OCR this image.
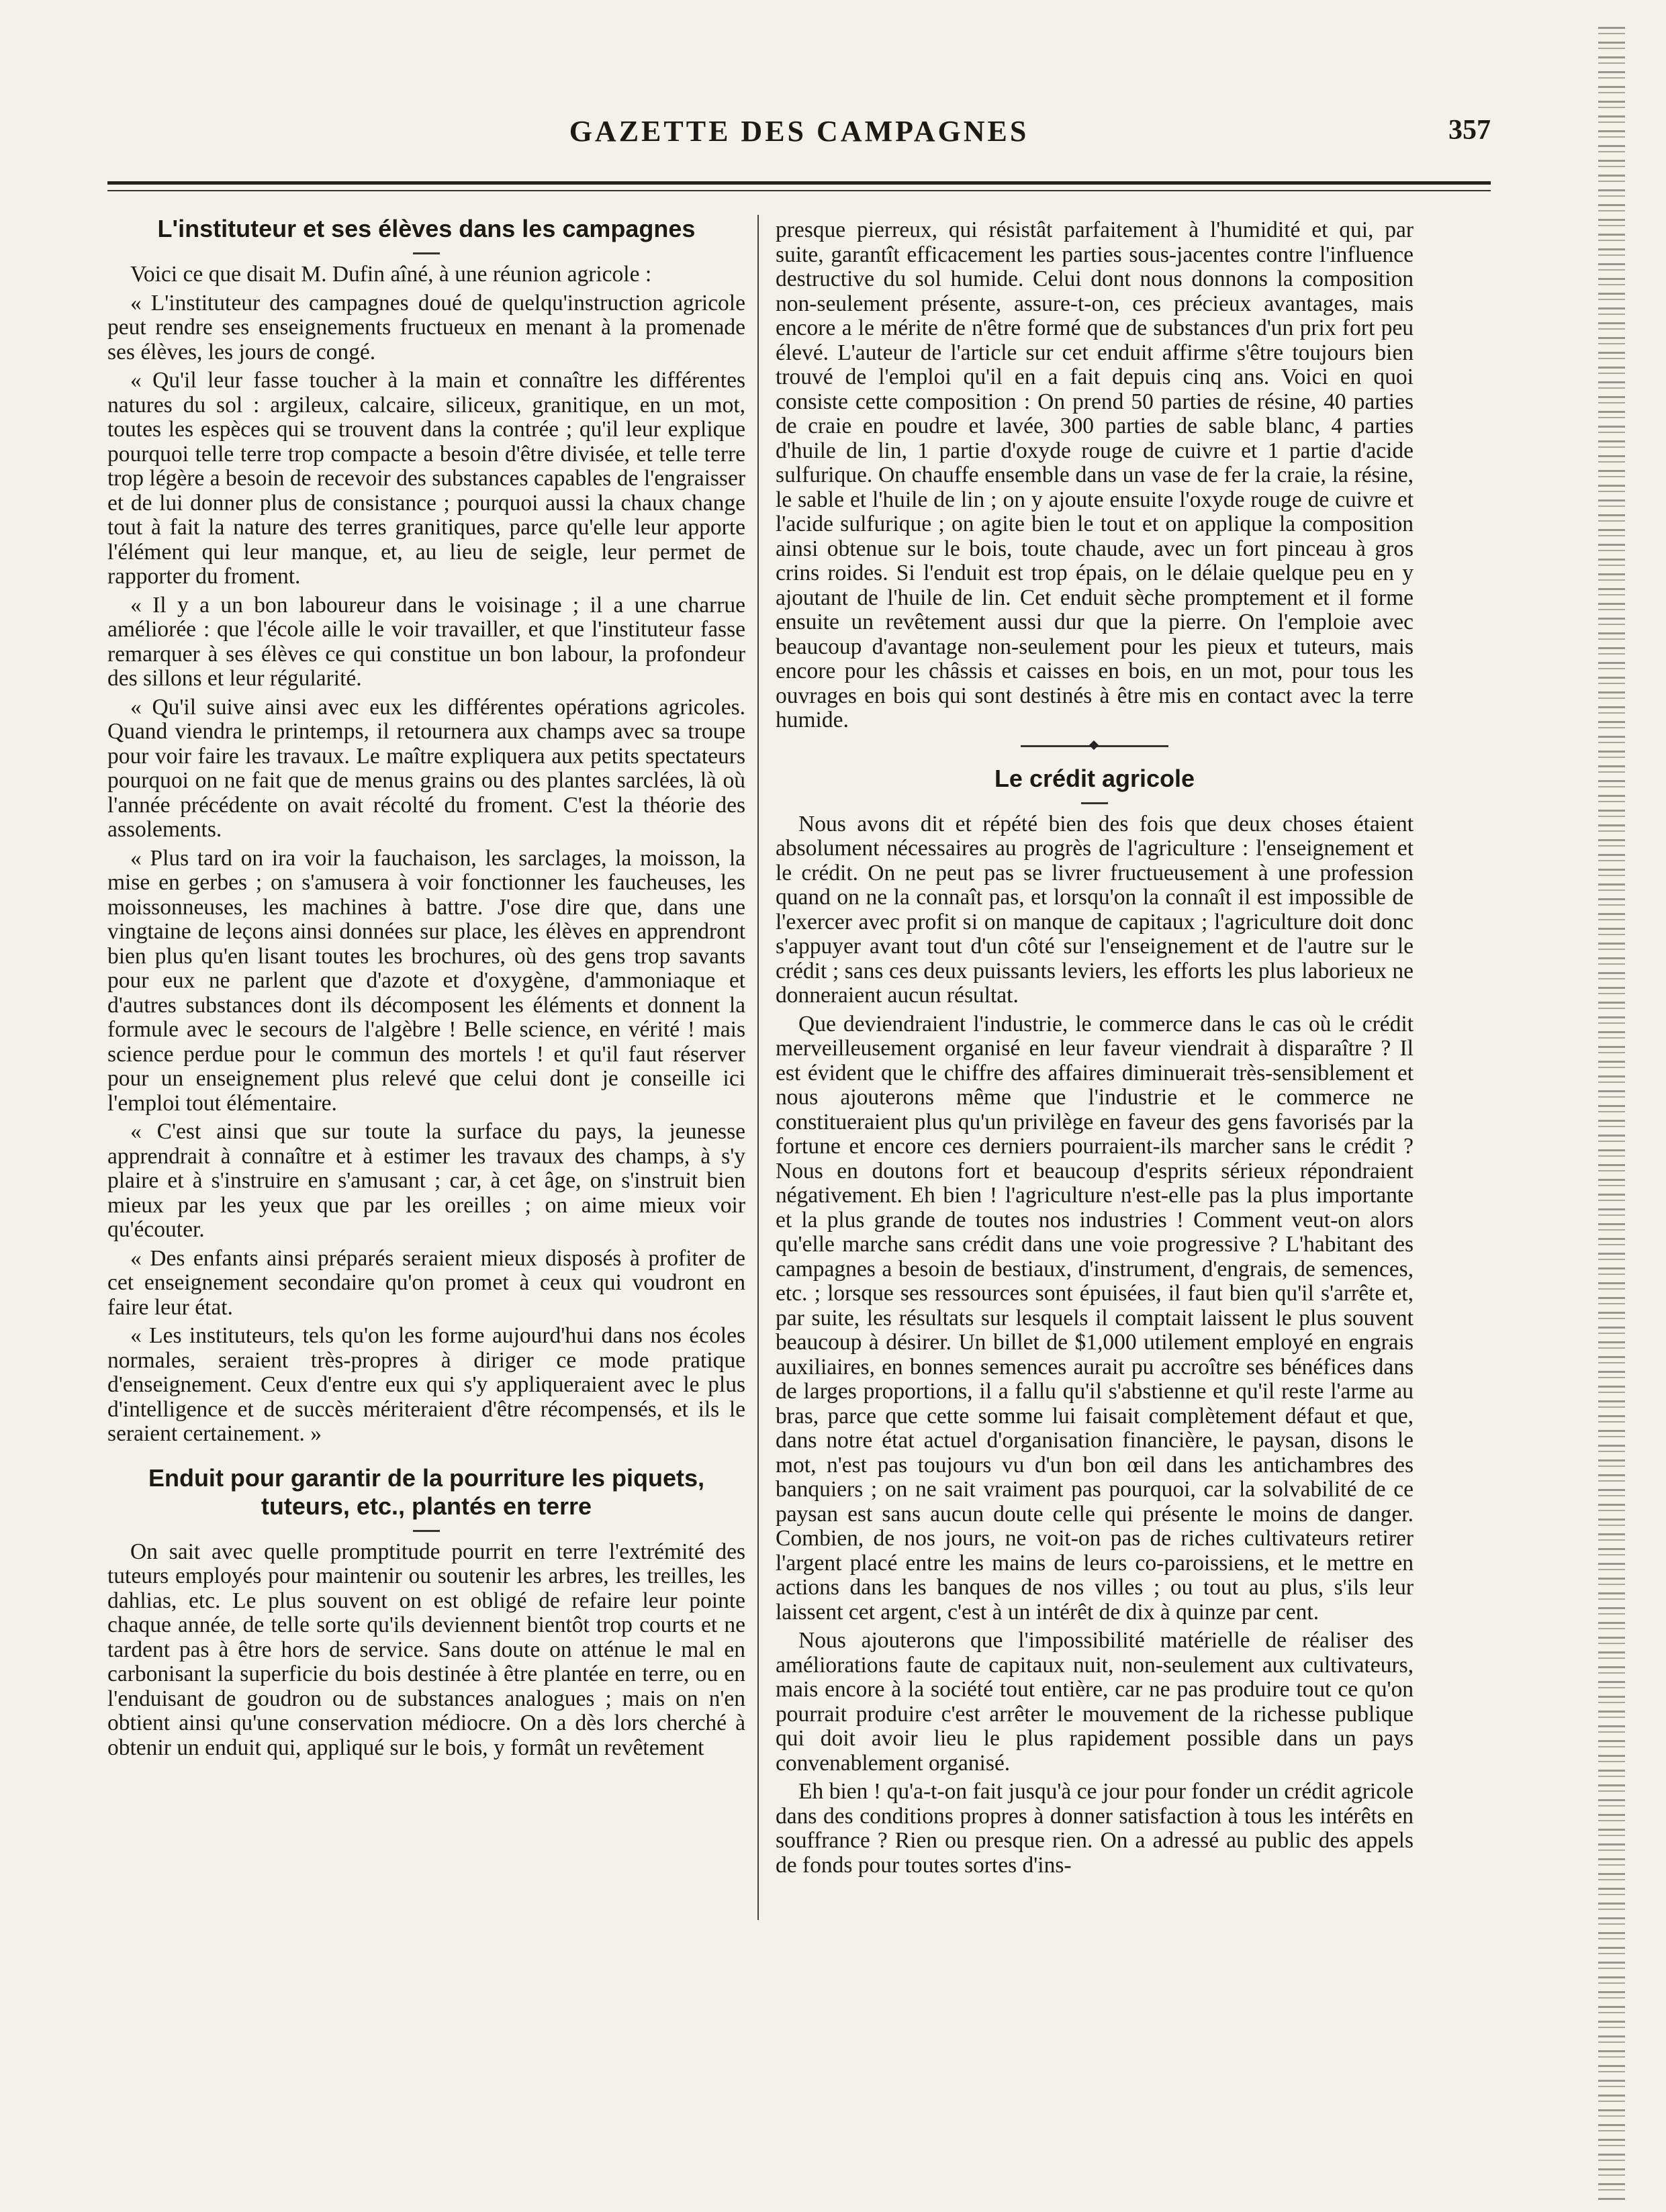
GAZETTE DES CAMPAGNES	357
L'instituteur et ses élèves dans les campagnes

Voici ce que disait M. Dufin aîné, à une réunion agricole :

« L'instituteur des campagnes doué de quelqu'instruction agricole peut rendre ses enseignements fructueux en menant à la promenade ses élèves, les jours de congé.

« Qu'il leur fasse toucher à la main et connaître les différentes natures du sol : argileux, calcaire, siliceux, granitique, en un mot, toutes les espèces qui se trouvent dans la contrée ; qu'il leur explique pourquoi telle terre trop compacte a besoin d'être divisée, et telle terre trop légère a besoin de recevoir des substances capables de l'engraisser et de lui donner plus de consistance ; pourquoi aussi la chaux change tout à fait la nature des terres granitiques, parce qu'elle leur apporte l'élément qui leur manque, et, au lieu de seigle, leur permet de rapporter du froment.

« Il y a un bon laboureur dans le voisinage ; il a une charrue améliorée : que l'école aille le voir travailler, et que l'instituteur fasse remarquer à ses élèves ce qui constitue un bon labour, la profondeur des sillons et leur régularité.

« Qu'il suive ainsi avec eux les différentes opérations agricoles. Quand viendra le printemps, il retournera aux champs avec sa troupe pour voir faire les travaux. Le maître expliquera aux petits spectateurs pourquoi on ne fait que de menus grains ou des plantes sarclées, là où l'année précédente on avait récolté du froment. C'est la théorie des assolements.

« Plus tard on ira voir la fauchaison, les sarclages, la moisson, la mise en gerbes ; on s'amusera à voir fonctionner les faucheuses, les moissonneuses, les machines à battre. J'ose dire que, dans une vingtaine de leçons ainsi données sur place, les élèves en apprendront bien plus qu'en lisant toutes les brochures, où des gens trop savants pour eux ne parlent que d'azote et d'oxygène, d'ammoniaque et d'autres substances dont ils décomposent les éléments et donnent la formule avec le secours de l'algèbre ! Belle science, en vérité ! mais science perdue pour le commun des mortels ! et qu'il faut réserver pour un enseignement plus relevé que celui dont je conseille ici l'emploi tout élémentaire.

« C'est ainsi que sur toute la surface du pays, la jeunesse apprendrait à connaître et à estimer les travaux des champs, à s'y plaire et à s'instruire en s'amusant ; car, à cet âge, on s'instruit bien mieux par les yeux que par les oreilles ; on aime mieux voir qu'écouter.

« Des enfants ainsi préparés seraient mieux disposés à profiter de cet enseignement secondaire qu'on promet à ceux qui voudront en faire leur état.

« Les instituteurs, tels qu'on les forme aujourd'hui dans nos écoles normales, seraient très-propres à diriger ce mode pratique d'enseignement. Ceux d'entre eux qui s'y appliqueraient avec le plus d'intelligence et de succès mériteraient d'être récompensés, et ils le seraient certainement. »

Enduit pour garantir de la pourriture les piquets, tuteurs, etc., plantés en terre

On sait avec quelle promptitude pourrit en terre l'extrémité des tuteurs employés pour maintenir ou soutenir les arbres, les treilles, les dahlias, etc. Le plus souvent on est obligé de refaire leur pointe chaque année, de telle sorte qu'ils deviennent bientôt trop courts et ne tardent pas à être hors de service. Sans doute on atténue le mal en carbonisant la superficie du bois destinée à être plantée en terre, ou en l'enduisant de goudron ou de substances analogues ; mais on n'en obtient ainsi qu'une conservation médiocre. On a dès lors cherché à obtenir un enduit qui, appliqué sur le bois, y formât un revêtement

presque pierreux, qui résistât parfaitement à l'humidité et qui, par suite, garantît efficacement les parties sous-jacentes contre l'influence destructive du sol humide. Celui dont nous donnons la composition non-seulement présente, assure-t-on, ces précieux avantages, mais encore a le mérite de n'être formé que de substances d'un prix fort peu élevé. L'auteur de l'article sur cet enduit affirme s'être toujours bien trouvé de l'emploi qu'il en a fait depuis cinq ans. Voici en quoi consiste cette composition : On prend 50 parties de résine, 40 parties de craie en poudre et lavée, 300 parties de sable blanc, 4 parties d'huile de lin, 1 partie d'oxyde rouge de cuivre et 1 partie d'acide sulfurique. On chauffe ensemble dans un vase de fer la craie, la résine, le sable et l'huile de lin ; on y ajoute ensuite l'oxyde rouge de cuivre et l'acide sulfurique ; on agite bien le tout et on applique la composition ainsi obtenue sur le bois, toute chaude, avec un fort pinceau à gros crins roides. Si l'enduit est trop épais, on le délaie quelque peu en y ajoutant de l'huile de lin. Cet enduit sèche promptement et il forme ensuite un revêtement aussi dur que la pierre. On l'emploie avec beaucoup d'avantage non-seulement pour les pieux et tuteurs, mais encore pour les châssis et caisses en bois, en un mot, pour tous les ouvrages en bois qui sont destinés à être mis en contact avec la terre humide.

Le crédit agricole

Nous avons dit et répété bien des fois que deux choses étaient absolument nécessaires au progrès de l'agriculture : l'enseignement et le crédit. On ne peut pas se livrer fructueusement à une profession quand on ne la connaît pas, et lorsqu'on la connaît il est impossible de l'exercer avec profit si on manque de capitaux ; l'agriculture doit donc s'appuyer avant tout d'un côté sur l'enseignement et de l'autre sur le crédit ; sans ces deux puissants leviers, les efforts les plus laborieux ne donneraient aucun résultat.

Que deviendraient l'industrie, le commerce dans le cas où le crédit merveilleusement organisé en leur faveur viendrait à disparaître ? Il est évident que le chiffre des affaires diminuerait très-sensiblement et nous ajouterons même que l'industrie et le commerce ne constitueraient plus qu'un privilège en faveur des gens favorisés par la fortune et encore ces derniers pourraient-ils marcher sans le crédit ? Nous en doutons fort et beaucoup d'esprits sérieux répondraient négativement. Eh bien ! l'agriculture n'est-elle pas la plus importante et la plus grande de toutes nos industries ! Comment veut-on alors qu'elle marche sans crédit dans une voie progressive ? L'habitant des campagnes a besoin de bestiaux, d'instrument, d'engrais, de semences, etc. ; lorsque ses ressources sont épuisées, il faut bien qu'il s'arrête et, par suite, les résultats sur lesquels il comptait laissent le plus souvent beaucoup à désirer. Un billet de $1,000 utilement employé en engrais auxiliaires, en bonnes semences aurait pu accroître ses bénéfices dans de larges proportions, il a fallu qu'il s'abstienne et qu'il reste l'arme au bras, parce que cette somme lui faisait complètement défaut et que, dans notre état actuel d'organisation financière, le paysan, disons le mot, n'est pas toujours vu d'un bon œil dans les antichambres des banquiers ; on ne sait vraiment pas pourquoi, car la solvabilité de ce paysan est sans aucun doute celle qui présente le moins de danger. Combien, de nos jours, ne voit-on pas de riches cultivateurs retirer l'argent placé entre les mains de leurs co-paroissiens, et le mettre en actions dans les banques de nos villes ; ou tout au plus, s'ils leur laissent cet argent, c'est à un intérêt de dix à quinze par cent.

Nous ajouterons que l'impossibilité matérielle de réaliser des améliorations faute de capitaux nuit, non-seulement aux cultivateurs, mais encore à la société tout entière, car ne pas produire tout ce qu'on pourrait produire c'est arrêter le mouvement de la richesse publique qui doit avoir lieu le plus rapidement possible dans un pays convenablement organisé.

Eh bien ! qu'a-t-on fait jusqu'à ce jour pour fonder un crédit agricole dans des conditions propres à donner satisfaction à tous les intérêts en souffrance ? Rien ou presque rien. On a adressé au public des appels de fonds pour toutes sortes d'ins-
